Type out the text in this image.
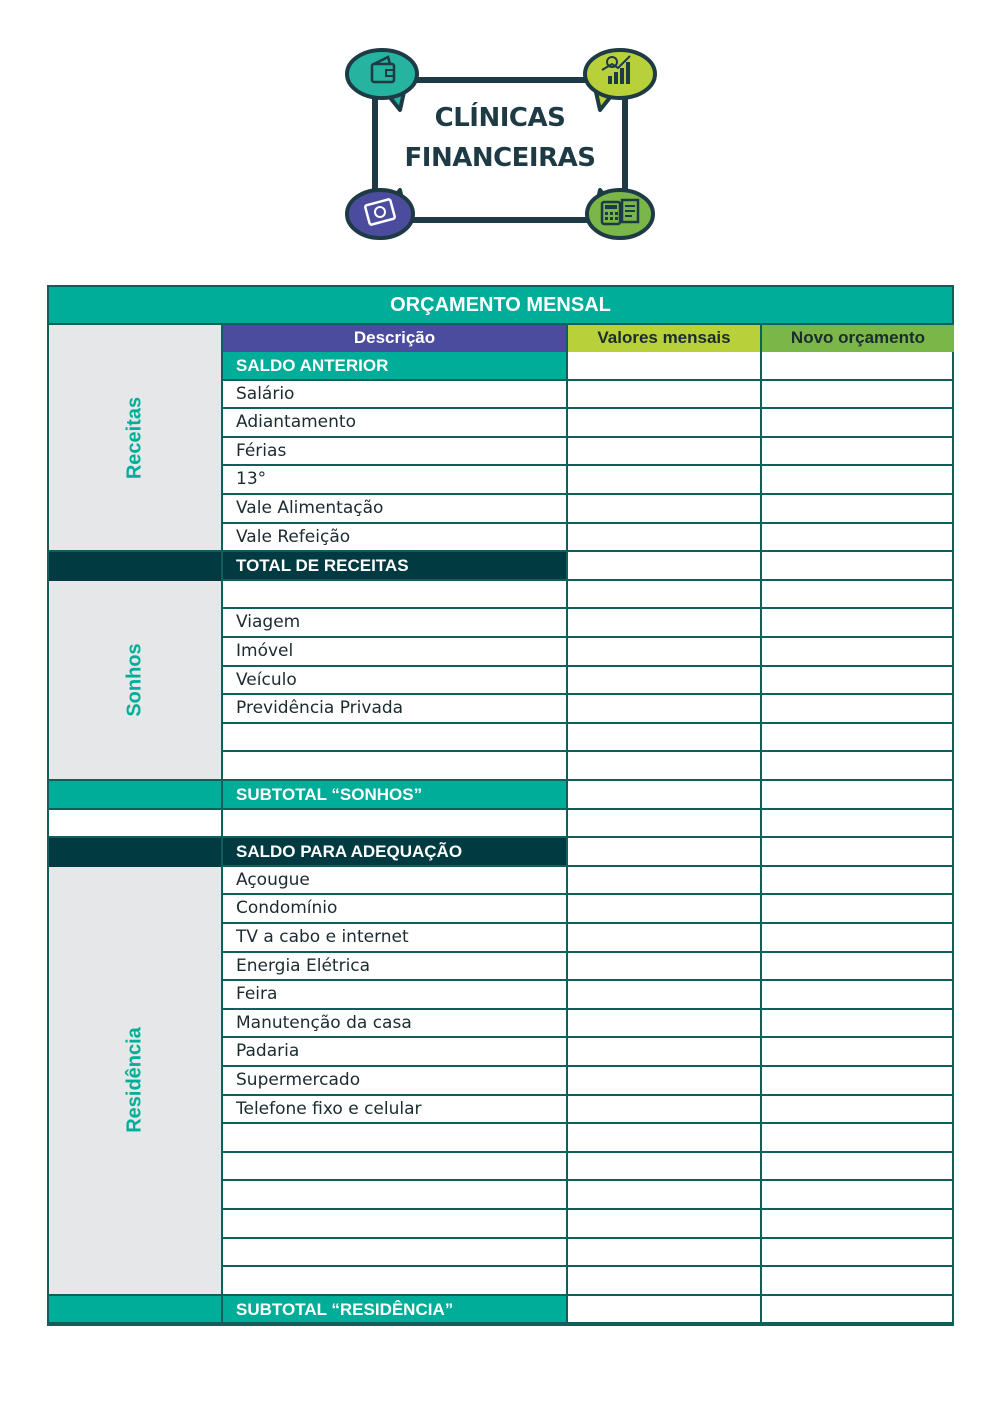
CLÍNICAS
FINANCEIRAS
ORÇAMENTO MENSAL
Descrição	Valores mensais	Novo orçamento
Receitas
SALDO ANTERIOR
Salário
Adiantamento
Férias
13°
Vale Alimentação
Vale Refeição
TOTAL DE RECEITAS
Sonhos
Viagem
Imóvel
Veículo
Previdência Privada
SUBTOTAL “SONHOS”
SALDO PARA ADEQUAÇÃO
Residência
Açougue
Condomínio
TV a cabo e internet
Energia Elétrica
Feira
Manutenção da casa
Padaria
Supermercado
Telefone fixo e celular
SUBTOTAL “RESIDÊNCIA”
